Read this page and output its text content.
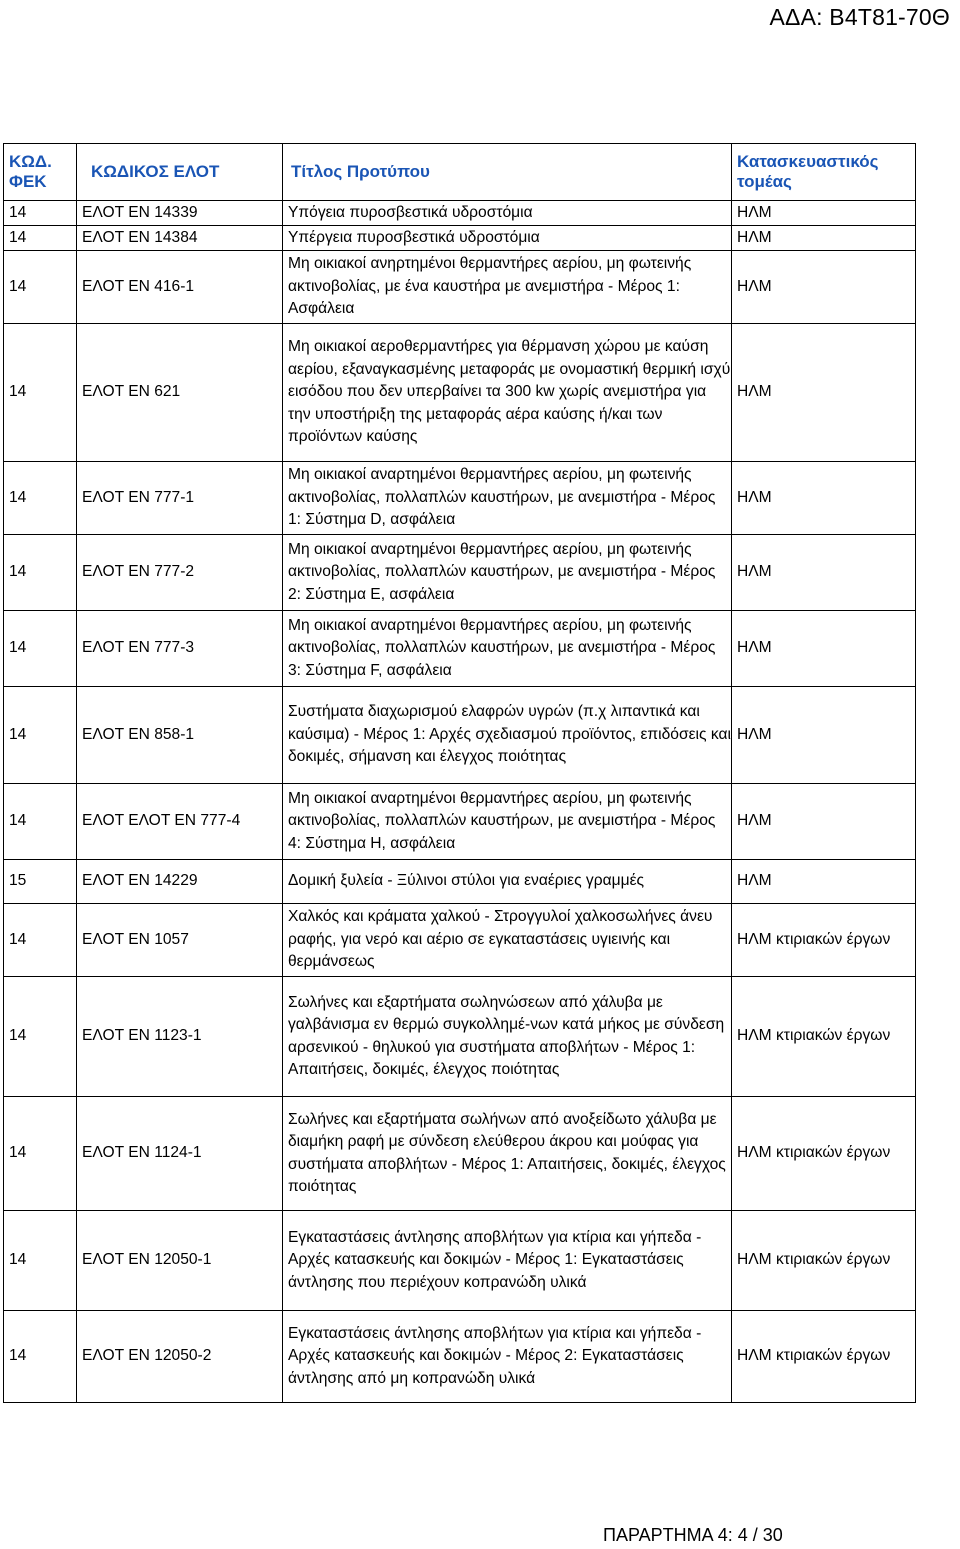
ΑΔΑ: Β4Τ81-70Θ
ΚΩΔ. ΦΕΚ	ΚΩΔΙΚΟΣ ΕΛΟΤ	Τίτλος Προτύπου	Κατασκευαστικός τομέας
14	ΕΛΟΤ ΕΝ 14339	Υπόγεια πυροσβεστικά υδροστόμια	ΗΛΜ
14	ΕΛΟΤ ΕΝ 14384	Υπέργεια πυροσβεστικά υδροστόμια	ΗΛΜ
14	ΕΛΟΤ ΕΝ 416-1	Μη οικιακοί ανηρτημένοι θερμαντήρες αερίου, μη φωτεινής ακτινοβολίας, με ένα καυστήρα με ανεμιστήρα - Μέρος 1: Ασφάλεια	ΗΛΜ
14	ΕΛΟΤ ΕΝ 621	Μη οικιακοί αεροθερμαντήρες για θέρμανση χώρου με καύση αερίου, εξαναγκασμένης μεταφοράς με ονομαστική θερμική ισχύ εισόδου που δεν υπερβαίνει τα 300 kw χωρίς ανεμιστήρα για την υποστήριξη της μεταφοράς αέρα καύσης ή/και των προϊόντων καύσης	ΗΛΜ
14	ΕΛΟΤ ΕΝ 777-1	Μη οικιακοί αναρτημένοι θερμαντήρες αερίου, μη φωτεινής ακτινοβολίας, πολλαπλών καυστήρων, με ανεμιστήρα - Μέρος 1: Σύστημα D, ασφάλεια	ΗΛΜ
14	ΕΛΟΤ ΕΝ 777-2	Μη οικιακοί αναρτημένοι θερμαντήρες αερίου, μη φωτεινής ακτινοβολίας, πολλαπλών καυστήρων, με ανεμιστήρα - Μέρος 2: Σύστημα E, ασφάλεια	ΗΛΜ
14	ΕΛΟΤ ΕΝ 777-3	Μη οικιακοί αναρτημένοι θερμαντήρες αερίου, μη φωτεινής ακτινοβολίας, πολλαπλών καυστήρων, με ανεμιστήρα - Μέρος 3: Σύστημα F, ασφάλεια	ΗΛΜ
14	ΕΛΟΤ ΕΝ 858-1	Συστήματα διαχωρισμού ελαφρών υγρών (π.χ λιπαντικά και καύσιμα) - Μέρος 1: Αρχές σχεδιασμού προϊόντος, επιδόσεις και δοκιμές, σήμανση και έλεγχος ποιότητας	ΗΛΜ
14	ΕΛΟΤ ΕΛΟΤ ΕΝ 777-4	Μη οικιακοί αναρτημένοι θερμαντήρες αερίου, μη φωτεινής ακτινοβολίας, πολλαπλών καυστήρων, με ανεμιστήρα - Μέρος 4: Σύστημα H, ασφάλεια	ΗΛΜ
15	ΕΛΟΤ ΕΝ 14229	Δομική ξυλεία - Ξύλινοι στύλοι για εναέριες γραμμές	ΗΛΜ
14	ΕΛΟΤ ΕΝ 1057	Χαλκός και κράματα χαλκού - Στρογγυλοί χαλκοσωλήνες άνευ ραφής, για νερό και αέριο σε εγκαταστάσεις υγιεινής και θερμάνσεως	ΗΛΜ κτιριακών έργων
14	ΕΛΟΤ ΕΝ 1123-1	Σωλήνες και εξαρτήματα σωληνώσεων από χάλυβα με γαλβάνισμα εν θερμώ συγκολλημέ-νων κατά μήκος με σύνδεση αρσενικού - θηλυκού για συστήματα αποβλήτων - Μέρος 1: Απαιτήσεις, δοκιμές, έλεγχος ποιότητας	ΗΛΜ κτιριακών έργων
14	ΕΛΟΤ ΕΝ 1124-1	Σωλήνες και εξαρτήματα σωλήνων από ανοξείδωτο χάλυβα με διαμήκη ραφή με σύνδεση ελεύθερου άκρου και μούφας για συστήματα αποβλήτων - Μέρος 1: Απαιτήσεις, δοκιμές, έλεγχος ποιότητας	ΗΛΜ κτιριακών έργων
14	ΕΛΟΤ ΕΝ 12050-1	Εγκαταστάσεις άντλησης αποβλήτων για κτίρια και γήπεδα - Αρχές κατασκευής και δοκιμών - Μέρος 1: Εγκαταστάσεις άντλησης που περιέχουν κοπρανώδη υλικά	ΗΛΜ κτιριακών έργων
14	ΕΛΟΤ ΕΝ 12050-2	Εγκαταστάσεις άντλησης αποβλήτων για κτίρια και γήπεδα - Αρχές κατασκευής και δοκιμών - Μέρος 2: Εγκαταστάσεις άντλησης από μη κοπρανώδη υλικά	ΗΛΜ κτιριακών έργων
ΠΑΡΑΡΤΗΜΑ 4: 4 / 30
